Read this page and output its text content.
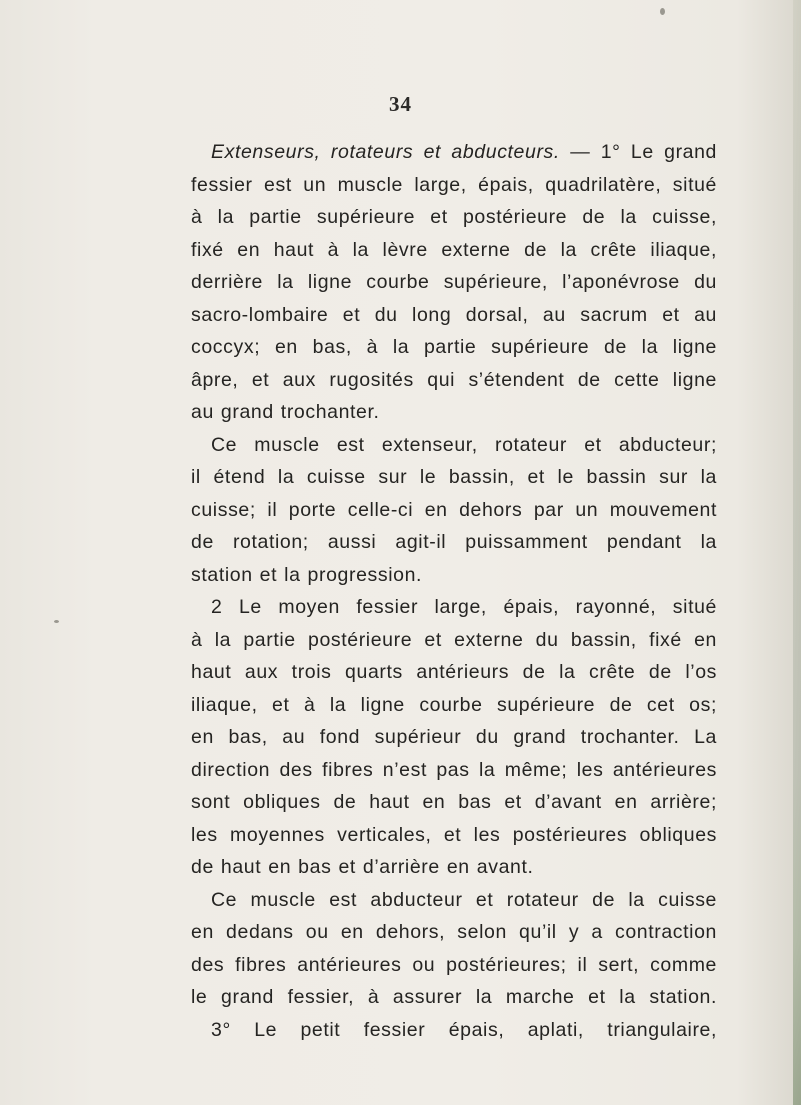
34
Extenseurs, rotateurs et abducteurs. — 1° Le grand
fessier est un muscle large, épais, quadrilatère, situé
à la partie supérieure et postérieure de la cuisse,
fixé en haut à la lèvre externe de la crête iliaque,
derrière la ligne courbe supérieure, l’aponévrose du
sacro-lombaire et du long dorsal, au sacrum et au
coccyx; en bas, à la partie supérieure de la ligne
âpre, et aux rugosités qui s’étendent de cette ligne
au grand trochanter.
Ce muscle est extenseur, rotateur et abducteur;
il étend la cuisse sur le bassin, et le bassin sur la
cuisse; il porte celle-ci en dehors par un mouvement
de rotation; aussi agit-il puissamment pendant la
station et la progression.
2 Le moyen fessier large, épais, rayonné, situé
à la partie postérieure et externe du bassin, fixé en
haut aux trois quarts antérieurs de la crête de l’os
iliaque, et à la ligne courbe supérieure de cet os;
en bas, au fond supérieur du grand trochanter. La
direction des fibres n’est pas la même; les antérieures
sont obliques de haut en bas et d’avant en arrière;
les moyennes verticales, et les postérieures obliques
de haut en bas et d’arrière en avant.
Ce muscle est abducteur et rotateur de la cuisse
en dedans ou en dehors, selon qu’il y a contraction
des fibres antérieures ou postérieures; il sert, comme
le grand fessier, à assurer la marche et la station.
3° Le petit fessier épais, aplati, triangulaire,
